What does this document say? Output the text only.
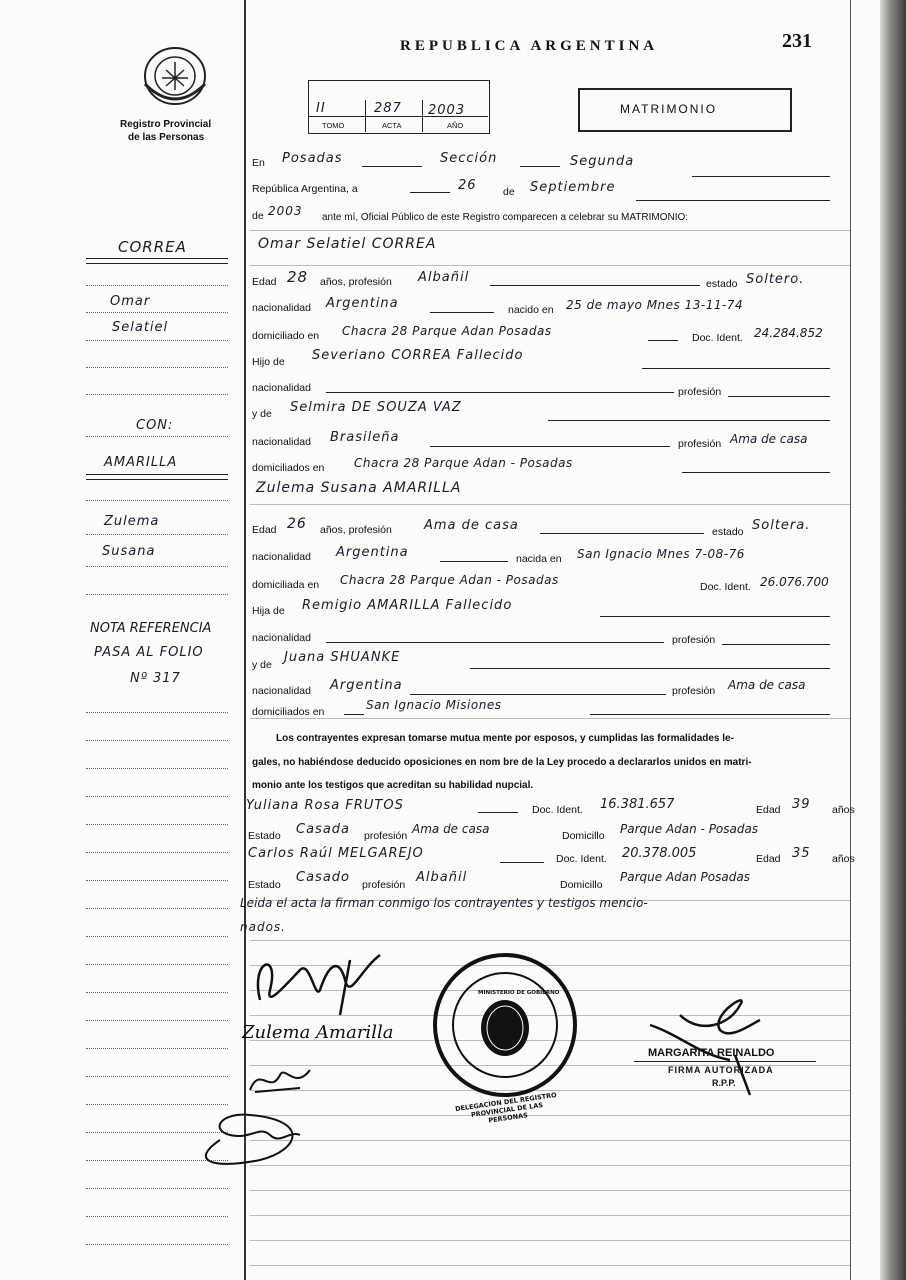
Registro Provincial
de las Personas
REPUBLICA ARGENTINA	231
II	287 2003
TOMO	ACTA	AÑO
MATRIMONIO
En Posadas	Sección	Segunda
República Argentina, a	26	de Septiembre
de 2003 ante mí, Oficial Público de este Registro comparecen a celebrar su MATRIMONIO:
CORREA
Omar
Selatiel
CON:
AMARILLA
Zulema
Susana
NOTA REFERENCIA
PASA AL FOLIO
Nº 317
Omar Selatiel CORREA
Edad 28 años, profesión Albañil	estado Soltero.
nacionalidad Argentina	nacido en 25 de mayo Mnes 13-11-74
domiciliado en Chacra 28 Parque Adan Posadas	Doc. Ident. 24.284.852
Hijo de Severiano CORREA Fallecido
nacionalidad	profesión
y de Selmira DE SOUZA VAZ
nacionalidad Brasileña	profesión Ama de casa
domiciliados en Chacra 28 Parque Adan - Posadas
Zulema Susana AMARILLA
Edad 26 años, profesión Ama de casa	estado Soltera.
nacionalidad Argentina	nacida en San Ignacio Mnes 7-08-76
domiciliada en Chacra 28 Parque Adan - Posadas	Doc. Ident. 26.076.700
Hija de Remigio AMARILLA Fallecido
nacionalidad	profesión
y de Juana SHUANKE
nacionalidad Argentina	profesión Ama de casa
domiciliados en	San Ignacio Misiones
Los contrayentes expresan tomarse mutua mente por esposos, y cumplidas las formalidades le-
gales, no habiéndose deducido oposiciones en nom bre de la Ley procedo a declararlos unidos en matri-
monio ante los testigos que acreditan su habilidad nupcial.
Yuliana Rosa FRUTOS	Doc. Ident. 16.381.657	Edad 39 años
Estado Casada profesión Ama de casa	Domicillo Parque Adan - Posadas
Carlos Raúl MELGAREJO	Doc. Ident. 20.378.005	Edad 35 años
Estado Casado profesión Albañil	Domicillo
Parque Adan Posadas
Leida el acta la firman conmigo los contrayentes y testigos mencio-
nados.
Zulema Amarilla
DELEGACION DEL REGISTRO PROVINCIAL DE LAS PERSONAS
MINISTERIO DE GOBIERNO
MARGARITA REINALDO
FIRMA AUTORIZADA
R.P.P.
